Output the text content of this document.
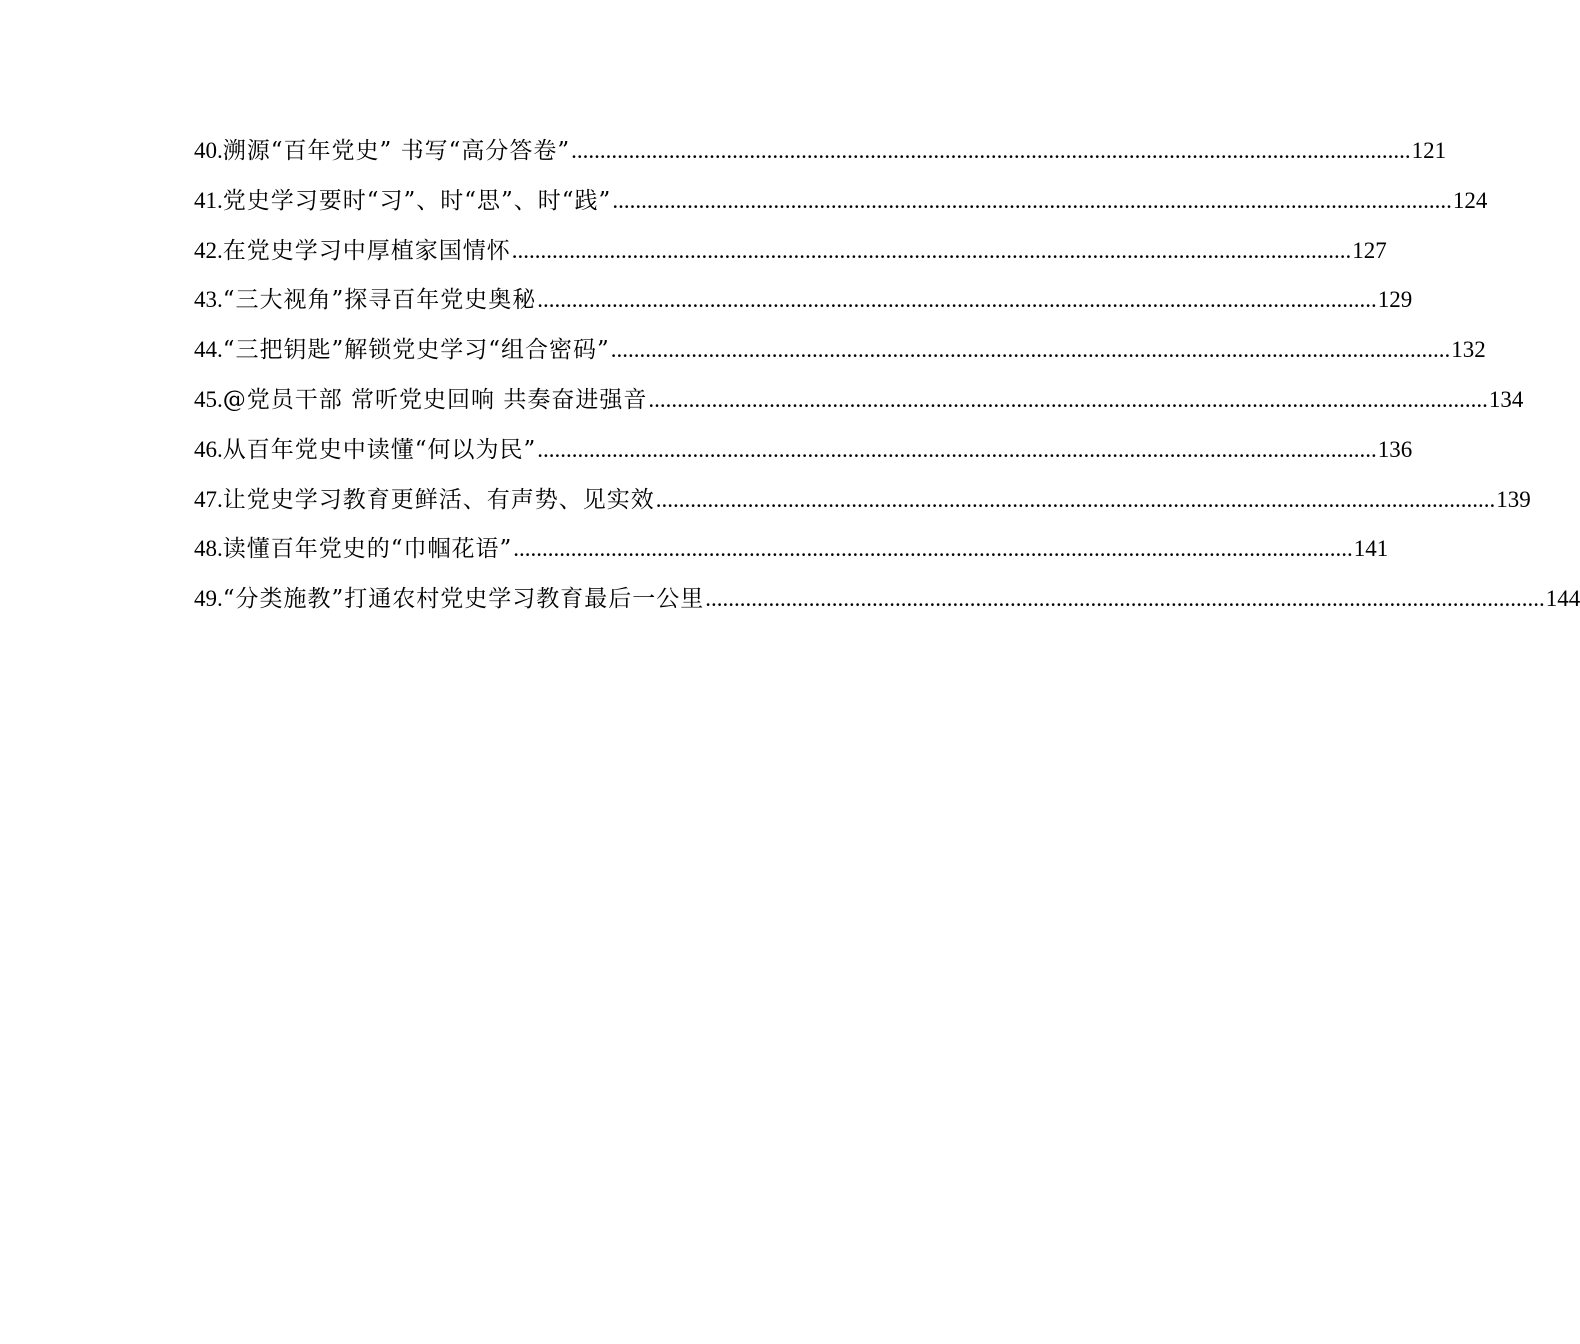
40. 溯源“百年党史” 书写“高分答卷” .....	121
41. 党史学习要时“习”、时“思”、时“践” .....	124
42. 在党史学习中厚植家国情怀 .....	127
43. “三大视角”探寻百年党史奥秘 .....	129
44. “三把钥匙”解锁党史学习“组合密码” .....	132
45. @党员干部 常听党史回响 共奏奋进强音 .....	134
46. 从百年党史中读懂“何以为民” .....	136
47. 让党史学习教育更鲜活、有声势、见实效 .....	139
48. 读懂百年党史的“巾帼花语” .....	141
49. “分类施教”打通农村党史学习教育最后一公里 .....	144
